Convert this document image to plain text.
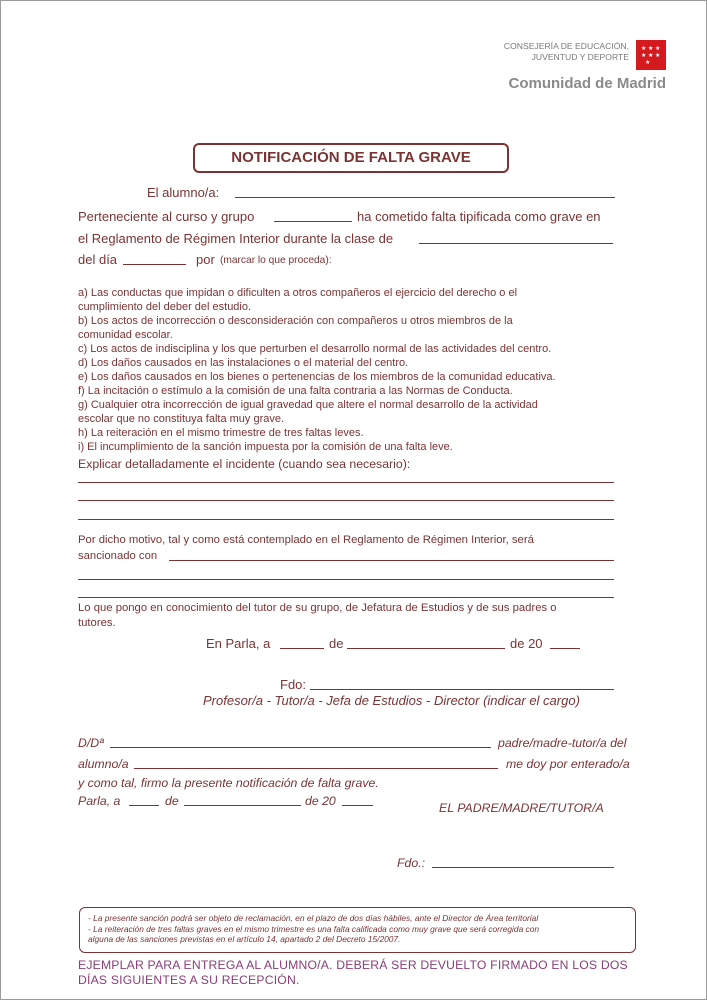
CONSEJERÍA DE EDUCACIÓN,
JUVENTUD Y DEPORTE
★ ★ ★
★ ★ ★
★
Comunidad de Madrid
NOTIFICACIÓN DE FALTA GRAVE
El alumno/a:
Perteneciente al curso y grupo	ha cometido falta tipificada como grave en
el Reglamento de Régimen Interior durante la clase de
del día	por (marcar lo que proceda):
a) Las conductas que impidan o dificulten a otros compañeros el ejercicio del derecho o el
cumplimiento del deber del estudio.
b) Los actos de incorrección o desconsideración con compañeros u otros miembros de la
comunidad escolar.
c) Los actos de indisciplina y los que perturben el desarrollo normal de las actividades del centro.
d) Los daños causados en las instalaciones o el material del centro.
e) Los daños causados en los bienes o pertenencias de los miembros de la comunidad educativa.
f) La incitación o estímulo a la comisión de una falta contraria a las Normas de Conducta.
g) Cualquier otra incorrección de igual gravedad que altere el normal desarrollo de la actividad
escolar que no constituya falta muy grave.
h) La reiteración en el mismo trimestre de tres faltas leves.
i) El incumplimiento de la sanción impuesta por la comisión de una falta leve.
Explicar detalladamente el incidente (cuando sea necesario):
Por dicho motivo, tal y como está contemplado en el Reglamento de Régimen Interior, será
sancionado con
Lo que pongo en conocimiento del tutor de su grupo, de Jefatura de Estudios y de sus padres o
tutores.
En Parla, a	de	de 20
Fdo:
Profesor/a - Tutor/a - Jefa de Estudios - Director (indicar el cargo)
D/Dª	padre/madre-tutor/a del
alumno/a	me doy por enterado/a
y como tal, firmo la presente notificación de falta grave.
Parla, a	de	de 20	EL PADRE/MADRE/TUTOR/A
Fdo.:
- La presente sanción podrá ser objeto de reclamación, en el plazo de dos días hábiles, ante el Director de Área territorial
- La reiteración de tres faltas graves en el mismo trimestre es una falta calificada como muy grave que será corregida con
alguna de las sanciones previstas en el artículo 14, apartado 2 del Decreto 15/2007.
EJEMPLAR PARA ENTREGA AL ALUMNO/A. DEBERÁ SER DEVUELTO FIRMADO EN LOS DOS
DÍAS SIGUIENTES A SU RECEPCIÓN.
